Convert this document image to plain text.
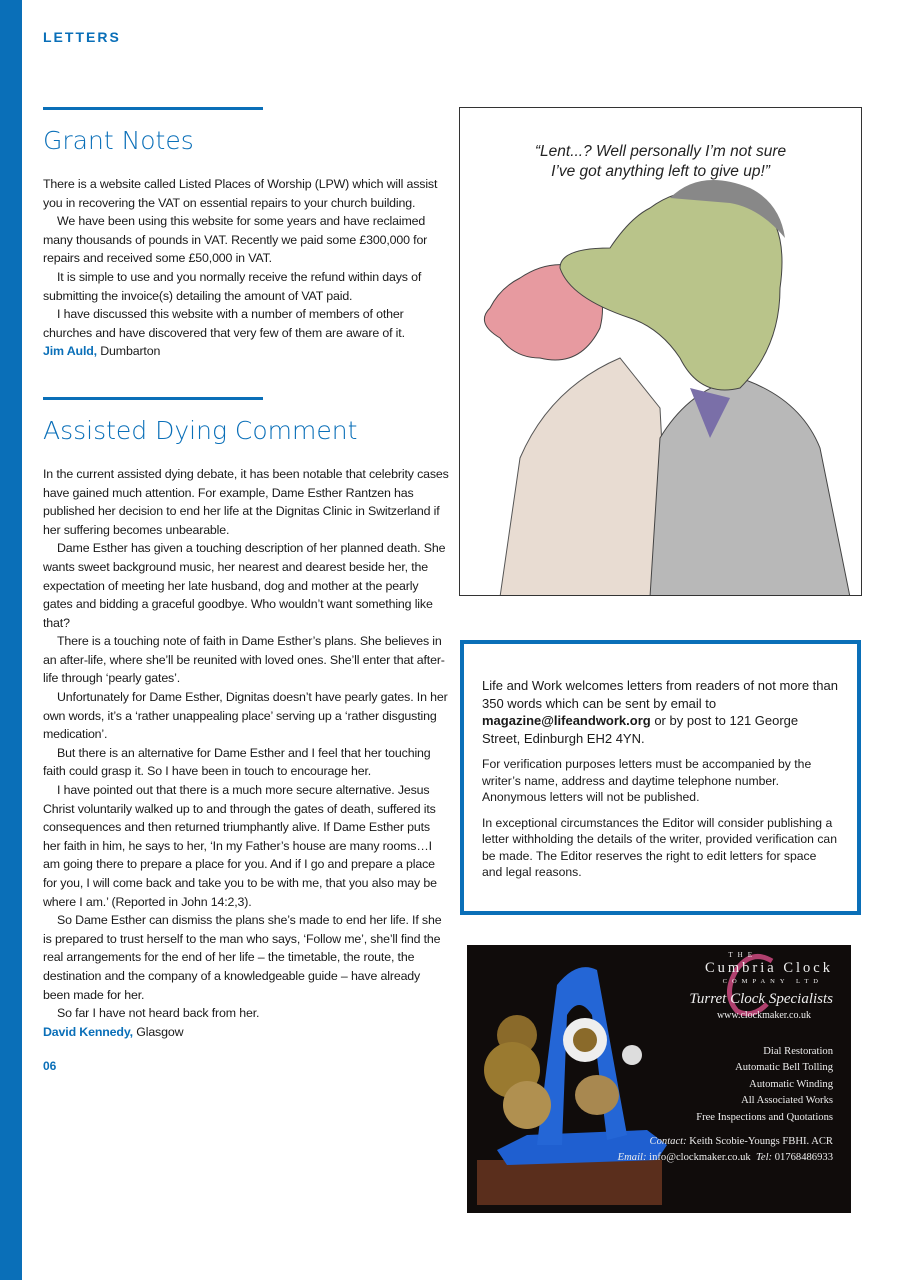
LETTERS
Grant Notes

There is a website called Listed Places of Worship (LPW) which will assist you in recovering the VAT on essential repairs to your church building.

We have been using this website for some years and have reclaimed many thousands of pounds in VAT. Recently we paid some £300,000 for repairs and received some £50,000 in VAT.

It is simple to use and you normally receive the refund within days of submitting the invoice(s) detailing the amount of VAT paid.

I have discussed this website with a number of members of other churches and have discovered that very few of them are aware of it.

Jim Auld, Dumbarton
Assisted Dying Comment

In the current assisted dying debate, it has been notable that celebrity cases have gained much attention. For example, Dame Esther Rantzen has published her decision to end her life at the Dignitas Clinic in Switzerland if her suffering becomes unbearable.

Dame Esther has given a touching description of her planned death. She wants sweet background music, her nearest and dearest beside her, the expectation of meeting her late husband, dog and mother at the pearly gates and bidding a graceful goodbye. Who wouldn’t want something like that?

There is a touching note of faith in Dame Esther’s plans. She believes in an after-life, where she’ll be reunited with loved ones. She’ll enter that after-life through ‘pearly gates’.

Unfortunately for Dame Esther, Dignitas doesn’t have pearly gates. In her own words, it’s a ‘rather unappealing place’ serving up a ‘rather disgusting medication’.

But there is an alternative for Dame Esther and I feel that her touching faith could grasp it. So I have been in touch to encourage her.

I have pointed out that there is a much more secure alternative. Jesus Christ voluntarily walked up to and through the gates of death, suffered its consequences and then returned triumphantly alive. If Dame Esther puts her faith in him, he says to her, ‘In my Father’s house are many rooms…I am going there to prepare a place for you. And if I go and prepare a place for you, I will come back and take you to be with me, that you also may be where I am.’ (Reported in John 14:2,3).

So Dame Esther can dismiss the plans she’s made to end her life. If she is prepared to trust herself to the man who says, ‘Follow me’, she’ll find the real arrangements for the end of her life – the timetable, the route, the destination and the company of a knowledgeable guide – have already been made for her.

So far I have not heard back from her.

David Kennedy, Glasgow
06
“Lent...? Well personally I’m not sure
I’ve got anything left to give up!”

Life and Work welcomes letters from readers of not more than 350 words which can be sent by email to magazine@lifeandwork.org or by post to 121 George Street, Edinburgh EH2 4YN.

For verification purposes letters must be accompanied by the writer’s name, address and daytime telephone number. Anonymous letters will not be published.

In exceptional circumstances the Editor will consider publishing a letter withholding the details of the writer, provided verification can be made. The Editor reserves the right to edit letters for space and legal reasons.

THE
Cumbria Clock
COMPANY LTD
Turret Clock Specialists
www.clockmaker.co.uk
Dial Restoration
Automatic Bell Tolling
Automatic Winding
All Associated Works
Free Inspections and Quotations
Contact: Keith Scobie-Youngs FBHI. ACR
Email: info@clockmaker.co.uk Tel: 01768486933
